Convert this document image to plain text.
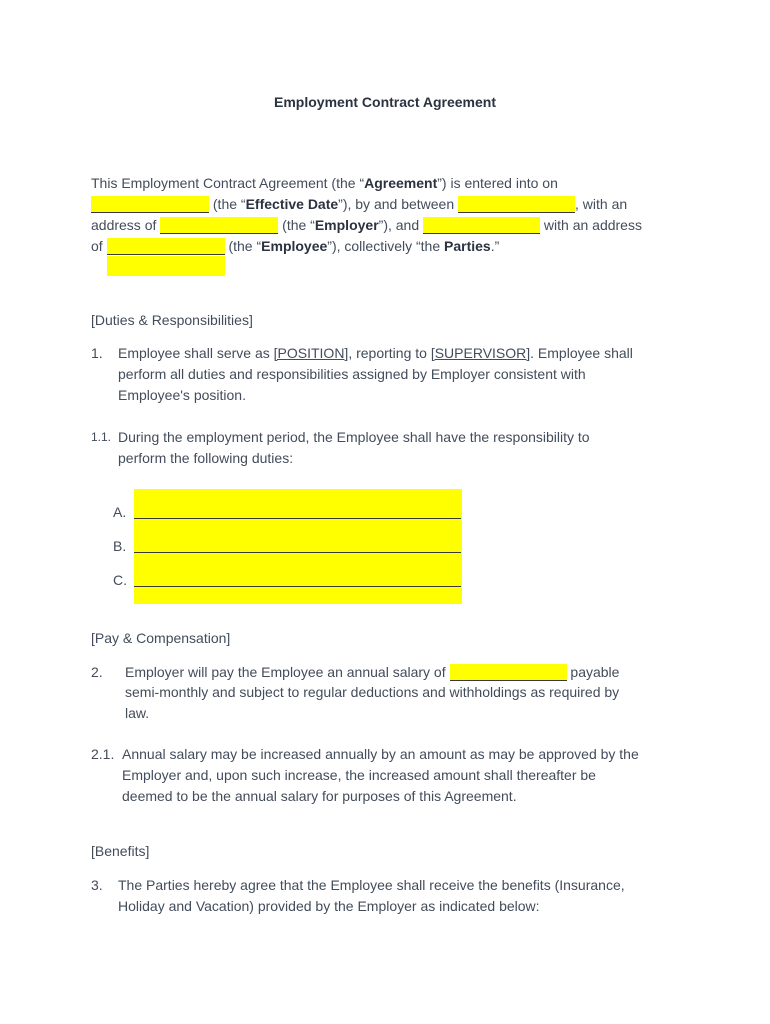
Employment Contract Agreement
This Employment Contract Agreement (the “Agreement”) is entered into on
(the “Effective Date”), by and between	, with an
address of	(the “Employer”), and	with an address
of	(the “Employee”), collectively “the Parties.”
[Duties & Responsibilities]
1. Employee shall serve as [POSITION], reporting to [SUPERVISOR]. Employee shall
perform all duties and responsibilities assigned by Employer consistent with
Employee's position.
1.1. During the employment period, the Employee shall have the responsibility to
perform the following duties:
A.
B.
C.
[Pay & Compensation]
2. Employer will pay the Employee an annual salary of	payable
semi-monthly and subject to regular deductions and withholdings as required by
law.
2.1. Annual salary may be increased annually by an amount as may be approved by the
Employer and, upon such increase, the increased amount shall thereafter be
deemed to be the annual salary for purposes of this Agreement.
[Benefits]
3. The Parties hereby agree that the Employee shall receive the benefits (Insurance,
Holiday and Vacation) provided by the Employer as indicated below:
